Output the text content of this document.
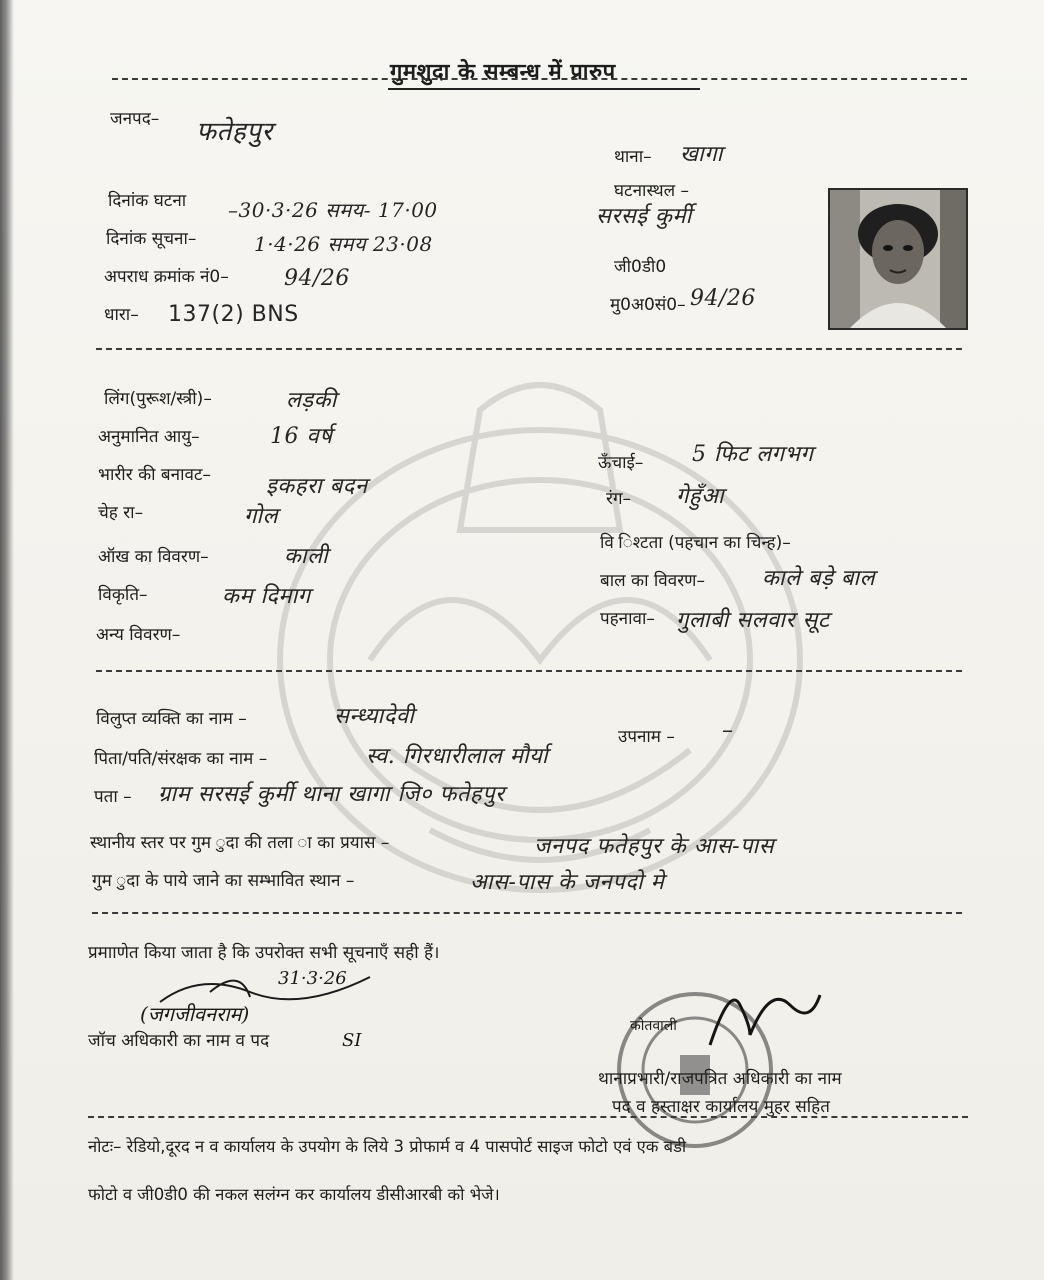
गुमशुदा के सम्बन्ध में प्रारुप
जनपद– फतेहपुर
थाना– खागा
घटनास्थल –
सरसई कुर्मी
दिनांक घटना –30·3·26 समय- 17·00
दिनांक सूचना–	1·4·26 समय 23·08
जी0डी0
अपराध क्रमांक नं0–	94/26
मु0अ0सं0– 94/26
धारा– 137(2) BNS
लिंग(पुरूश/स्त्री)–	लड़की
अनुमानित आयु–	16 वर्ष
ऊँचाई– 5 फिट लगभग
भारीर की बनावट–	इकहरा बदन	रंग– गेहुँआ
चेह रा–	गोल
वि िश्टता (पहचान का चिन्ह)–
ऑख का विवरण–	काली
बाल का विवरण–	काले बड़े बाल
विकृति–	कम दिमाग
पहनावा– गुलाबी सलवार सूट
अन्य विवरण–
विलुप्त व्यक्ति का नाम –	सन्ध्यादेवी
उपनाम – –
पिता/पति/संरक्षक का नाम –	स्व. गिरधारीलाल मौर्या
पता – ग्राम सरसई कुर्मी थाना खागा जि० फतेहपुर
स्थानीय स्तर पर गुम ुदा की तला ा का प्रयास –	जनपद फतेहपुर के आस-पास
गुम ुदा के पाये जाने का सम्भावित स्थान –	आस-पास के जनपदो मे
प्रमााणेत किया जाता है कि उपरोक्त सभी सूचनाएँ सही हैं।
31·3·26
(जगजीवनराम)
जॉच अधिकारी का नाम व पद	SI
कोतवाली
थानाप्रभारी/राजपत्रित अधिकारी का नाम
पद व हस्ताक्षर कार्यालय मुहर सहित
नोटः– रेडियो,दूरद न व कार्यालय के उपयोग के लिये 3 प्रोफार्म व 4 पासपोर्ट साइज फोटो एवं एक बडी
फोटो व जी0डी0 की नकल सलंग्न कर कार्यालय डीसीआरबी को भेजे।
